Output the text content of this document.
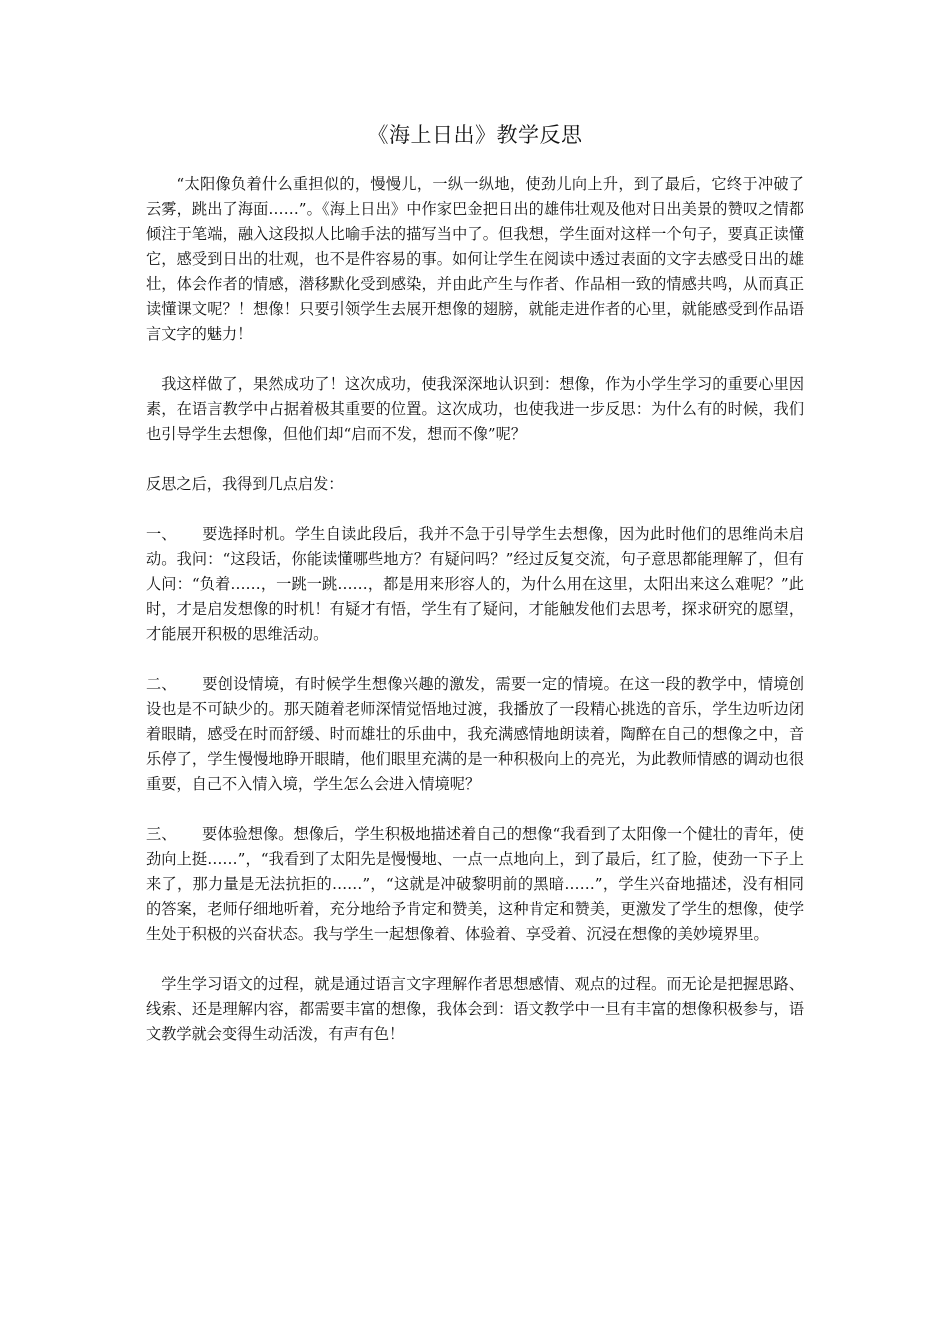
《海上日出》教学反思

“太阳像负着什么重担似的，慢慢儿，一纵一纵地，使劲儿向上升，到了最后，它终于冲破了云雾，跳出了海面……”。《海上日出》中作家巴金把日出的雄伟壮观及他对日出美景的赞叹之情都倾注于笔端，融入这段拟人比喻手法的描写当中了。但我想，学生面对这样一个句子，要真正读懂它，感受到日出的壮观，也不是件容易的事。如何让学生在阅读中透过表面的文字去感受日出的雄壮，体会作者的情感，潜移默化受到感染，并由此产生与作者、作品相一致的情感共鸣，从而真正读懂课文呢？！想像！只要引领学生去展开想像的翅膀，就能走进作者的心里，就能感受到作品语言文字的魅力！

我这样做了，果然成功了！这次成功，使我深深地认识到：想像，作为小学生学习的重要心里因素，在语言教学中占据着极其重要的位置。这次成功，也使我进一步反思：为什么有的时候，我们也引导学生去想像，但他们却“启而不发，想而不像”呢？

反思之后，我得到几点启发：

一、 要选择时机。学生自读此段后，我并不急于引导学生去想像，因为此时他们的思维尚未启动。我问：“这段话，你能读懂哪些地方？有疑问吗？”经过反复交流，句子意思都能理解了，但有人问：“负着……，一跳一跳……，都是用来形容人的，为什么用在这里，太阳出来这么难呢？”此时，才是启发想像的时机！有疑才有悟，学生有了疑问，才能触发他们去思考，探求研究的愿望，才能展开积极的思维活动。

二、 要创设情境，有时候学生想像兴趣的激发，需要一定的情境。在这一段的教学中，情境创设也是不可缺少的。那天随着老师深情觉悟地过渡，我播放了一段精心挑选的音乐，学生边听边闭着眼睛，感受在时而舒缓、时而雄壮的乐曲中，我充满感情地朗读着，陶醉在自己的想像之中，音乐停了，学生慢慢地睁开眼睛，他们眼里充满的是一种积极向上的亮光，为此教师情感的调动也很重要，自己不入情入境，学生怎么会进入情境呢？

三、 要体验想像。想像后，学生积极地描述着自己的想像“我看到了太阳像一个健壮的青年，使劲向上挺……”，“我看到了太阳先是慢慢地、一点一点地向上，到了最后，红了脸，使劲一下子上来了，那力量是无法抗拒的……”，“这就是冲破黎明前的黑暗……”，学生兴奋地描述，没有相同的答案，老师仔细地听着，充分地给予肯定和赞美，这种肯定和赞美，更激发了学生的想像，使学生处于积极的兴奋状态。我与学生一起想像着、体验着、享受着、沉浸在想像的美妙境界里。

学生学习语文的过程，就是通过语言文字理解作者思想感情、观点的过程。而无论是把握思路、线索、还是理解内容，都需要丰富的想像，我体会到：语文教学中一旦有丰富的想像积极参与，语文教学就会变得生动活泼，有声有色！
